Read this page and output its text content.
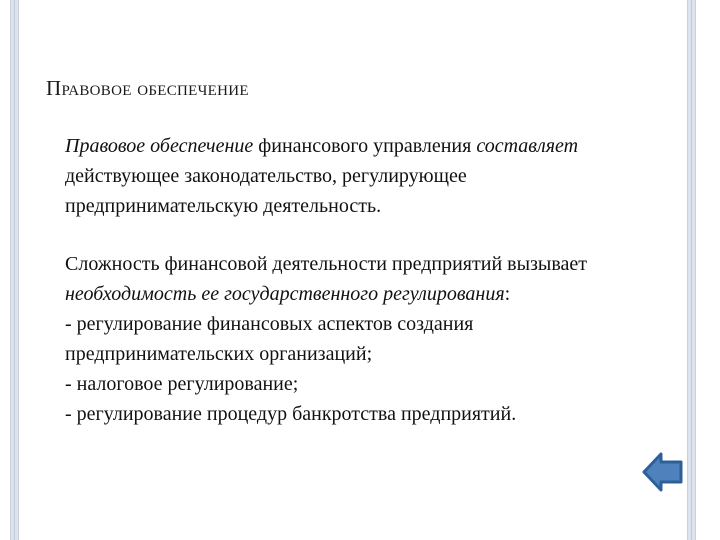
Правовое обеспечение
Правовое обеспечение финансового управления составляет
действующее законодательство, регулирующее
предпринимательскую деятельность.
Сложность финансовой деятельности предприятий вызывает
необходимость ее государственного регулирования:
- регулирование финансовых аспектов создания
предпринимательских организаций;
- налоговое регулирование;
- регулирование процедур банкротства предприятий.
